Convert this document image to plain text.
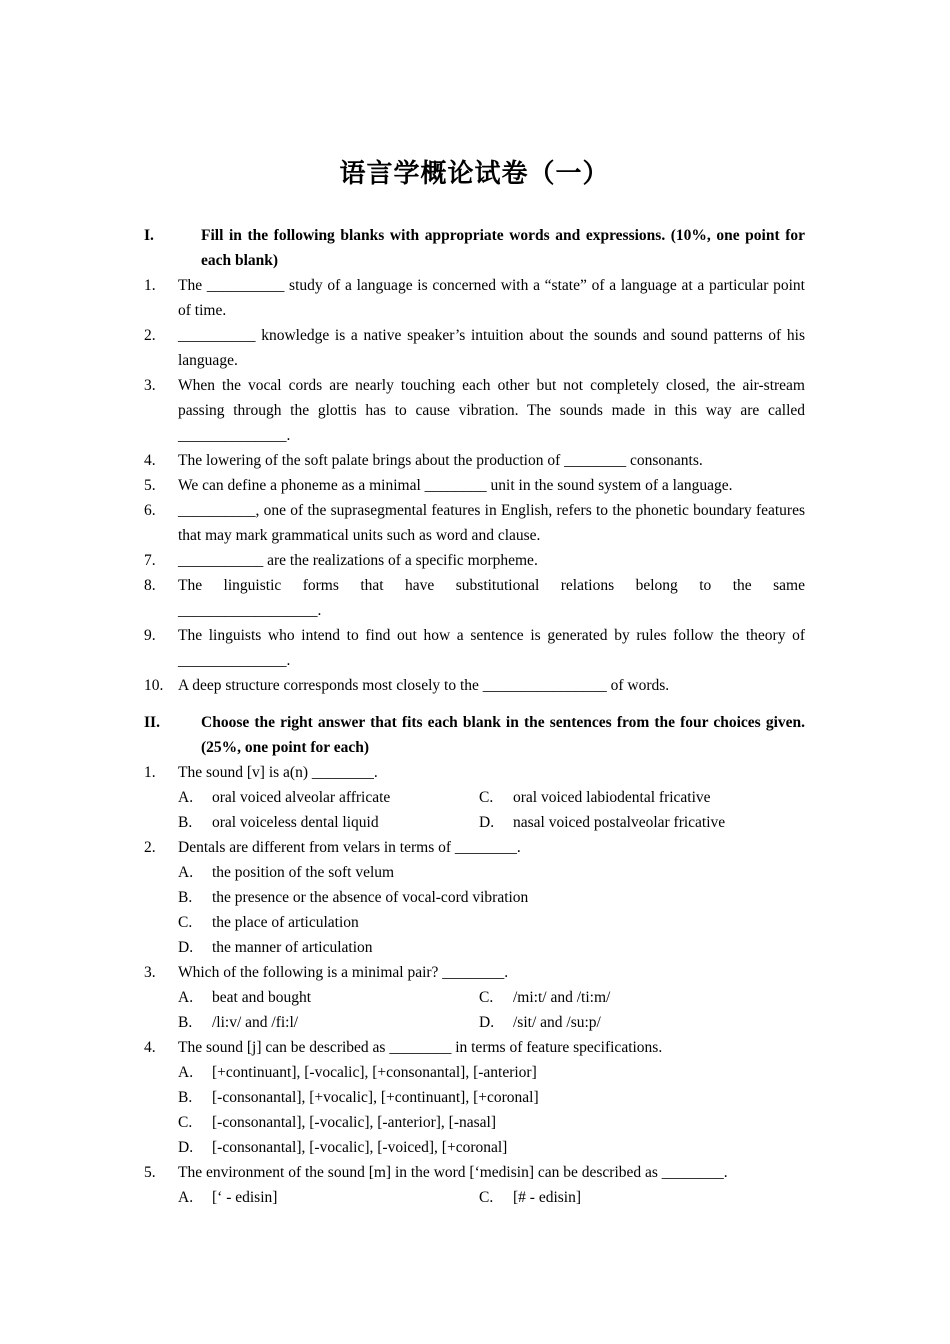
语言学概论试卷（一）
I.	Fill in the following blanks with appropriate words and expressions. (10%, one point for each blank)
1. The __________ study of a language is concerned with a “state” of a language at a particular point of time.
2. __________ knowledge is a native speaker’s intuition about the sounds and sound patterns of his language.
3. When the vocal cords are nearly touching each other but not completely closed, the air-stream passing through the glottis has to cause vibration. The sounds made in this way are called ______________.
4. The lowering of the soft palate brings about the production of ________ consonants.
5. We can define a phoneme as a minimal ________ unit in the sound system of a language.
6. __________, one of the suprasegmental features in English, refers to the phonetic boundary features that may mark grammatical units such as word and clause.
7. ___________ are the realizations of a specific morpheme.
8. The linguistic forms that have substitutional relations belong to the same
__________________.
9. The linguists who intend to find out how a sentence is generated by rules follow the theory of ______________.
10. A deep structure corresponds most closely to the ________________ of words.
II.	Choose the right answer that fits each blank in the sentences from the four choices given. (25%, one point for each)
1. The sound [v] is a(n) ________.
A.	oral voiced alveolar affricate	C.	oral voiced labiodental fricative
B.	oral voiceless dental liquid	D.	nasal voiced postalveolar fricative
2. Dentals are different from velars in terms of ________.
A.	the position of the soft velum
B.	the presence or the absence of vocal-cord vibration
C.	the place of articulation
D.	the manner of articulation
3. Which of the following is a minimal pair? ________.
A.	beat and bought	C.	/mi:t/ and /ti:m/
B.	/li:v/ and /fi:l/	D.	/sit/ and /su:p/
4. The sound [j] can be described as ________ in terms of feature specifications.
A.	[+continuant], [-vocalic], [+consonantal], [-anterior]
B.	[-consonantal], [+vocalic], [+continuant], [+coronal]
C.	[-consonantal], [-vocalic], [-anterior], [-nasal]
D.	[-consonantal], [-vocalic], [-voiced], [+coronal]
5. The environment of the sound [m] in the word [‘medisin] can be described as ________.
A.	[‘ - edisin]	C.	[# - edisin]
